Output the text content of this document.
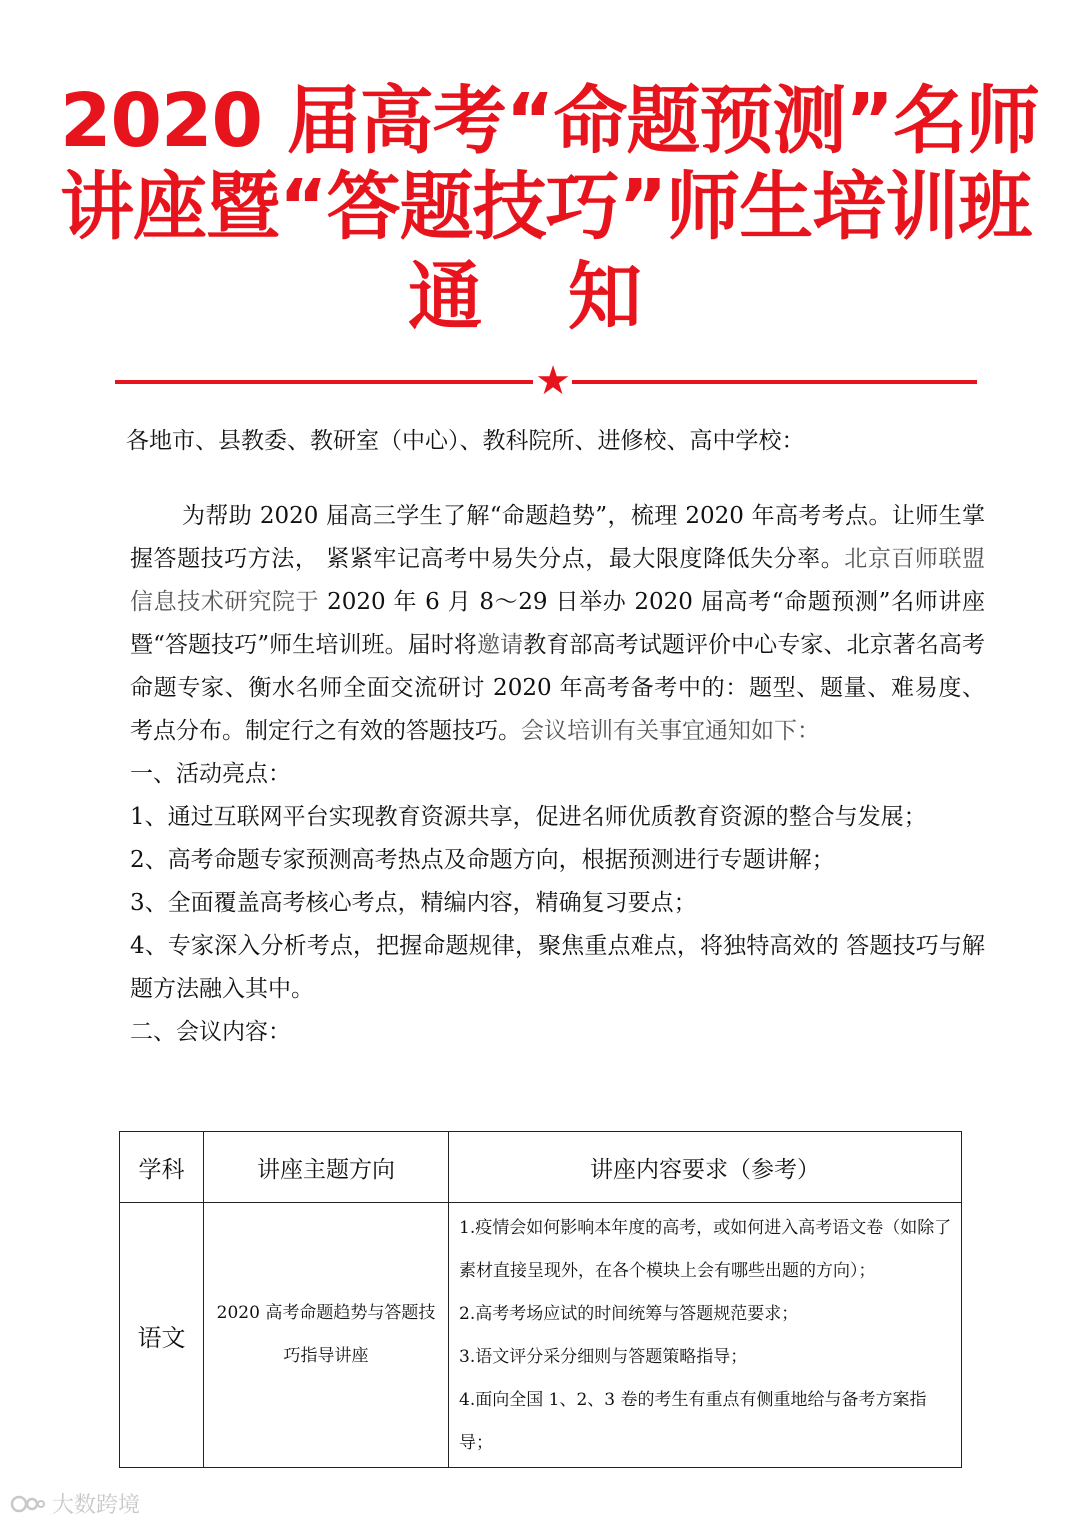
2020 届高考“命题预测”名师
讲座暨“答题技巧”师生培训班
通 知
★
各地市、县教委、教研室（中心）、教科院所、进修校、高中学校：

为帮助 2020 届高三学生了解“命题趋势”，梳理 2020 年高考考点。让师生掌握答题技巧方法， 紧紧牢记高考中易失分点，最大限度降低失分率。北京百师联盟信息技术研究院于 2020 年 6 月 8～29 日举办 2020 届高考“命题预测”名师讲座暨“答题技巧”师生培训班。届时将邀请教育部高考试题评价中心专家、北京著名高考命题专家、衡水名师全面交流研讨 2020 年高考备考中的：题型、题量、难易度、考点分布。制定行之有效的答题技巧。会议培训有关事宜通知如下：

一、活动亮点：

1、通过互联网平台实现教育资源共享，促进名师优质教育资源的整合与发展；

2、高考命题专家预测高考热点及命题方向，根据预测进行专题讲解；

3、全面覆盖高考核心考点，精编内容，精确复习要点；

4、专家深入分析考点，把握命题规律，聚焦重点难点，将独特高效的 答题技巧与解题方法融入其中。

二、会议内容：

学科	讲座主题方向	讲座内容要求（参考）
语文	2020 高考命题趋势与答题技巧指导讲座	1.疫情会如何影响本年度的高考，或如何进入高考语文卷（如除了素材直接呈现外，在各个模块上会有哪些出题的方向）；

2.高考考场应试的时间统筹与答题规范要求；

3.语文评分采分细则与答题策略指导；

4.面向全国 1、2、3 卷的考生有重点有侧重地给与备考方案指导；

大数跨境
